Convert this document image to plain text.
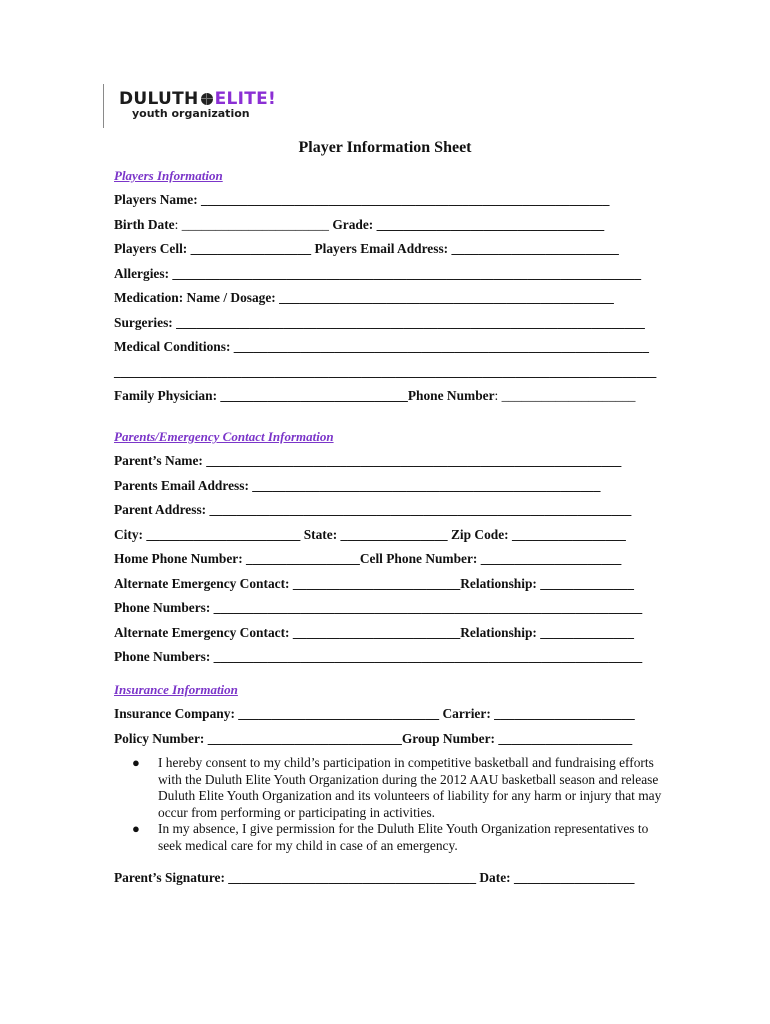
DULUTH ELITE!
youth organization
Player Information Sheet
Players Information
Players Name: _____________________________________________________________
Birth Date: ______________________ Grade: __________________________________
Players Cell: __________________ Players Email Address: _________________________
Allergies: ______________________________________________________________________
Medication: Name / Dosage: __________________________________________________
Surgeries: ______________________________________________________________________
Medical Conditions: ______________________________________________________________
_________________________________________________________________________________
Family Physician: ____________________________Phone Number: ____________________
Parents/Emergency Contact Information
Parent’s Name: ______________________________________________________________
Parents Email Address: ____________________________________________________
Parent Address: _______________________________________________________________
City: _______________________ State: ________________ Zip Code: _________________
Home Phone Number: _________________Cell Phone Number: _____________________
Alternate Emergency Contact: _________________________Relationship: ______________
Phone Numbers: ________________________________________________________________
Alternate Emergency Contact: _________________________Relationship: ______________
Phone Numbers: ________________________________________________________________
Insurance Information
Insurance Company: ______________________________ Carrier: _____________________
Policy Number: _____________________________Group Number: ____________________
● I hereby consent to my child’s participation in competitive basketball and fundraising efforts with the Duluth Elite Youth Organization during the 2012 AAU basketball season and release Duluth Elite Youth Organization and its volunteers of liability for any harm or injury that may occur from performing or participating in activities.
● In my absence, I give permission for the Duluth Elite Youth Organization representatives to seek medical care for my child in case of an emergency.
Parent’s Signature: _____________________________________ Date: __________________
